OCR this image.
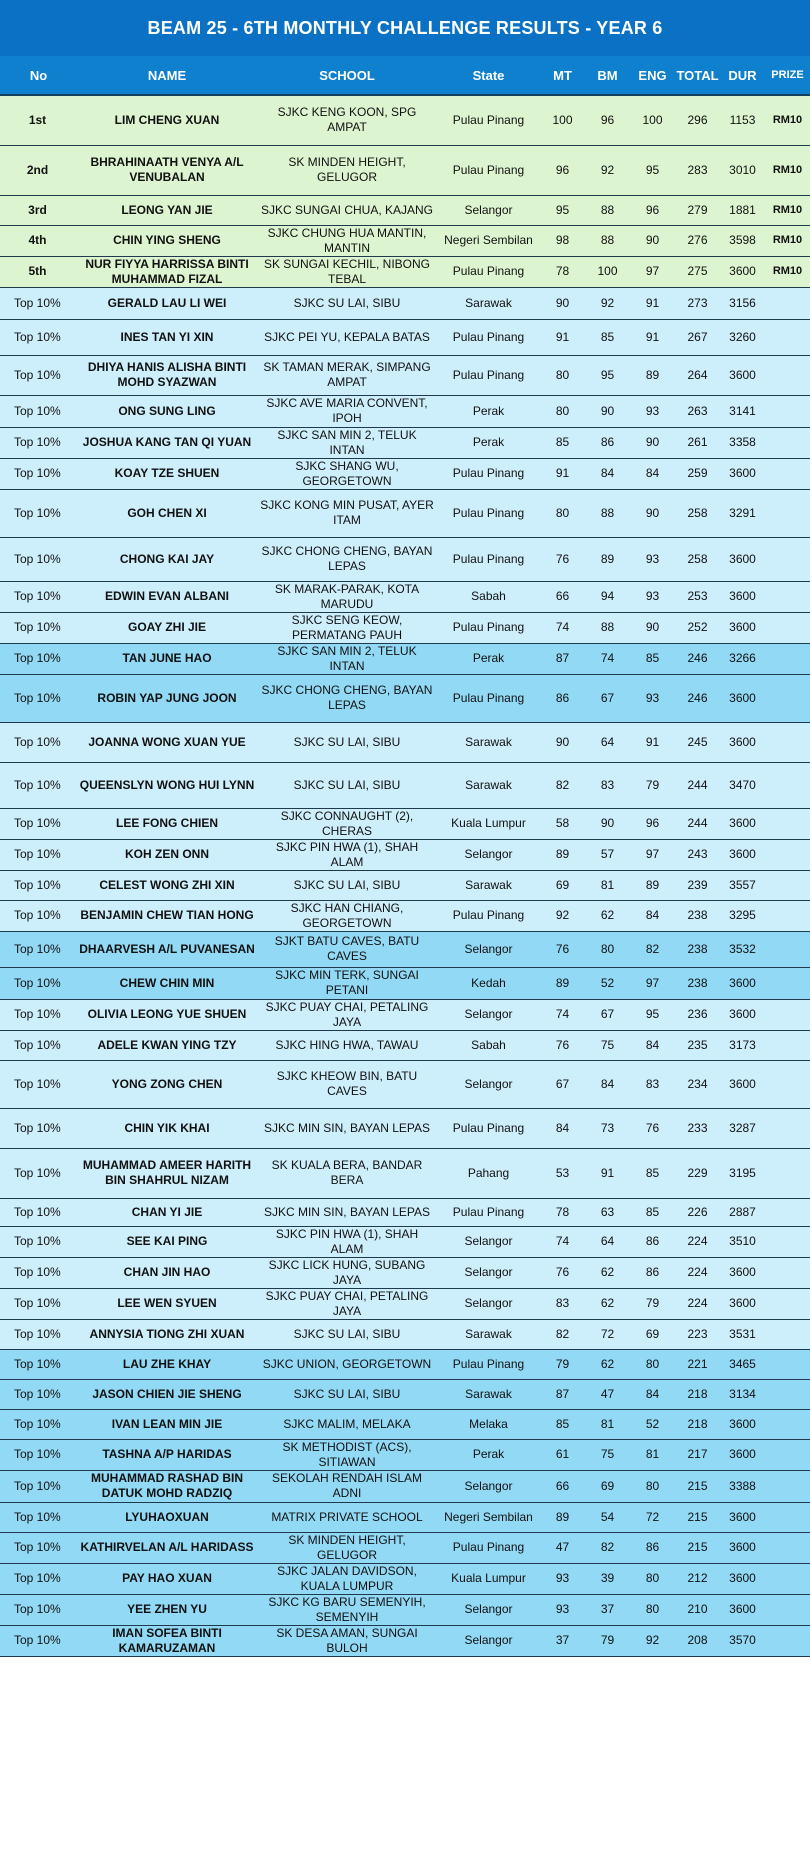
BEAM 25 - 6TH MONTHLY CHALLENGE RESULTS - YEAR 6
No	NAME	SCHOOL	State	MT	BM	ENG	TOTAL	DUR	PRIZE
1st	LIM CHENG XUAN	SJKC KENG KOON, SPG AMPAT	Pulau Pinang	100	96	100	296	1153	RM10
2nd	BHRAHINAATH VENYA A/L VENUBALAN	SK MINDEN HEIGHT, GELUGOR	Pulau Pinang	96	92	95	283	3010	RM10
3rd	LEONG YAN JIE	SJKC SUNGAI CHUA, KAJANG	Selangor	95	88	96	279	1881	RM10
4th	CHIN YING SHENG	SJKC CHUNG HUA MANTIN, MANTIN	Negeri Sembilan	98	88	90	276	3598	RM10
5th	NUR FIYYA HARRISSA BINTI MUHAMMAD FIZAL	SK SUNGAI KECHIL, NIBONG TEBAL	Pulau Pinang	78	100	97	275	3600	RM10
Top 10%	GERALD LAU LI WEI	SJKC SU LAI, SIBU	Sarawak	90	92	91	273	3156	
Top 10%	INES TAN YI XIN	SJKC PEI YU, KEPALA BATAS	Pulau Pinang	91	85	91	267	3260	
Top 10%	DHIYA HANIS ALISHA BINTI MOHD SYAZWAN	SK TAMAN MERAK, SIMPANG AMPAT	Pulau Pinang	80	95	89	264	3600	
Top 10%	ONG SUNG LING	SJKC AVE MARIA CONVENT, IPOH	Perak	80	90	93	263	3141	
Top 10%	JOSHUA KANG TAN QI YUAN	SJKC SAN MIN 2, TELUK INTAN	Perak	85	86	90	261	3358	
Top 10%	KOAY TZE SHUEN	SJKC SHANG WU, GEORGETOWN	Pulau Pinang	91	84	84	259	3600	
Top 10%	GOH CHEN XI	SJKC KONG MIN PUSAT, AYER ITAM	Pulau Pinang	80	88	90	258	3291	
Top 10%	CHONG KAI JAY	SJKC CHONG CHENG, BAYAN LEPAS	Pulau Pinang	76	89	93	258	3600	
Top 10%	EDWIN EVAN ALBANI	SK MARAK-PARAK, KOTA MARUDU	Sabah	66	94	93	253	3600	
Top 10%	GOAY ZHI JIE	SJKC SENG KEOW, PERMATANG PAUH	Pulau Pinang	74	88	90	252	3600	
Top 10%	TAN JUNE HAO	SJKC SAN MIN 2, TELUK INTAN	Perak	87	74	85	246	3266	
Top 10%	ROBIN YAP JUNG JOON	SJKC CHONG CHENG, BAYAN LEPAS	Pulau Pinang	86	67	93	246	3600	
Top 10%	JOANNA WONG XUAN YUE	SJKC SU LAI, SIBU	Sarawak	90	64	91	245	3600	
Top 10%	QUEENSLYN WONG HUI LYNN	SJKC SU LAI, SIBU	Sarawak	82	83	79	244	3470	
Top 10%	LEE FONG CHIEN	SJKC CONNAUGHT (2), CHERAS	Kuala Lumpur	58	90	96	244	3600	
Top 10%	KOH ZEN ONN	SJKC PIN HWA (1), SHAH ALAM	Selangor	89	57	97	243	3600	
Top 10%	CELEST WONG ZHI XIN	SJKC SU LAI, SIBU	Sarawak	69	81	89	239	3557	
Top 10%	BENJAMIN CHEW TIAN HONG	SJKC HAN CHIANG, GEORGETOWN	Pulau Pinang	92	62	84	238	3295	
Top 10%	DHAARVESH A/L PUVANESAN	SJKT BATU CAVES, BATU CAVES	Selangor	76	80	82	238	3532	
Top 10%	CHEW CHIN MIN	SJKC MIN TERK, SUNGAI PETANI	Kedah	89	52	97	238	3600	
Top 10%	OLIVIA LEONG YUE SHUEN	SJKC PUAY CHAI, PETALING JAYA	Selangor	74	67	95	236	3600	
Top 10%	ADELE KWAN YING TZY	SJKC HING HWA, TAWAU	Sabah	76	75	84	235	3173	
Top 10%	YONG ZONG CHEN	SJKC KHEOW BIN, BATU CAVES	Selangor	67	84	83	234	3600	
Top 10%	CHIN YIK KHAI	SJKC MIN SIN, BAYAN LEPAS	Pulau Pinang	84	73	76	233	3287	
Top 10%	MUHAMMAD AMEER HARITH BIN SHAHRUL NIZAM	SK KUALA BERA, BANDAR BERA	Pahang	53	91	85	229	3195	
Top 10%	CHAN YI JIE	SJKC MIN SIN, BAYAN LEPAS	Pulau Pinang	78	63	85	226	2887	
Top 10%	SEE KAI PING	SJKC PIN HWA (1), SHAH ALAM	Selangor	74	64	86	224	3510	
Top 10%	CHAN JIN HAO	SJKC LICK HUNG, SUBANG JAYA	Selangor	76	62	86	224	3600	
Top 10%	LEE WEN SYUEN	SJKC PUAY CHAI, PETALING JAYA	Selangor	83	62	79	224	3600	
Top 10%	ANNYSIA TIONG ZHI XUAN	SJKC SU LAI, SIBU	Sarawak	82	72	69	223	3531	
Top 10%	LAU ZHE KHAY	SJKC UNION, GEORGETOWN	Pulau Pinang	79	62	80	221	3465	
Top 10%	JASON CHIEN JIE SHENG	SJKC SU LAI, SIBU	Sarawak	87	47	84	218	3134	
Top 10%	IVAN LEAN MIN JIE	SJKC MALIM, MELAKA	Melaka	85	81	52	218	3600	
Top 10%	TASHNA A/P HARIDAS	SK METHODIST (ACS), SITIAWAN	Perak	61	75	81	217	3600	
Top 10%	MUHAMMAD RASHAD BIN DATUK MOHD RADZIQ	SEKOLAH RENDAH ISLAM ADNI	Selangor	66	69	80	215	3388	
Top 10%	LYUHAOXUAN	MATRIX PRIVATE SCHOOL	Negeri Sembilan	89	54	72	215	3600	
Top 10%	KATHIRVELAN A/L HARIDASS	SK MINDEN HEIGHT, GELUGOR	Pulau Pinang	47	82	86	215	3600	
Top 10%	PAY HAO XUAN	SJKC JALAN DAVIDSON, KUALA LUMPUR	Kuala Lumpur	93	39	80	212	3600	
Top 10%	YEE ZHEN YU	SJKC KG BARU SEMENYIH, SEMENYIH	Selangor	93	37	80	210	3600	
Top 10%	IMAN SOFEA BINTI KAMARUZAMAN	SK DESA AMAN, SUNGAI BULOH	Selangor	37	79	92	208	3570	
